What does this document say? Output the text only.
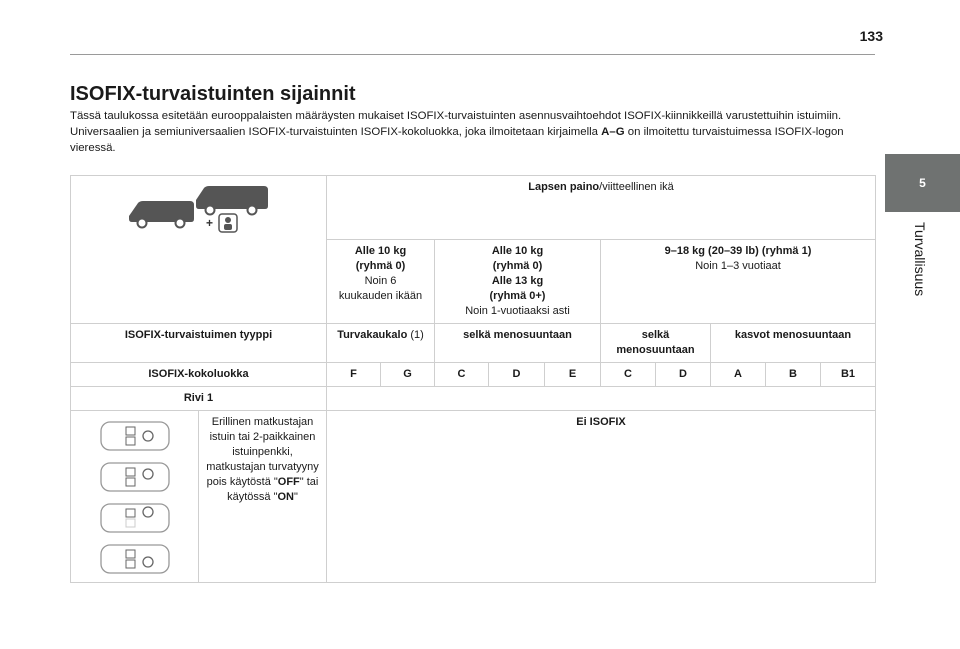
133
5
Turvallisuus
ISOFIX-turvaistuinten sijainnit
Tässä taulukossa esitetään eurooppalaisten määräysten mukaiset ISOFIX-turvaistuinten asennusvaihtoehdot ISOFIX-kiinnikkeillä varustettuihin istuimiin.
Universaalien ja semiuniversaalien ISOFIX-turvaistuinten ISOFIX-kokoluokka, joka ilmoitetaan kirjaimella A–G on ilmoitettu turvaistuimessa ISOFIX-logon vieressä.
+		Lapsen paino/viitteellinen ikä									
		Alle 10 kg
(ryhmä 0)
Noin 6
kuukauden ikään		Alle 10 kg
(ryhmä 0)
Alle 13 kg
(ryhmä 0+)
Noin 1-vuotiaaksi asti			9–18 kg (20–39 lb) (ryhmä 1)
Noin 1–3 vuotiaat				
ISOFIX-turvaistuimen tyyppi		Turvakaukalo (1)		selkä menosuuntaan			selkä menosuuntaan		kasvot menosuuntaan		
ISOFIX-kokoluokka		F	G	C	D	E	C	D	A	B	B1
Rivi 1											

	Erillinen matkustajan istuin tai 2-paikkainen istuinpenkki, matkustajan turvatyyny pois käytöstä "OFF" tai käytössä "ON"	Ei ISOFIX									
